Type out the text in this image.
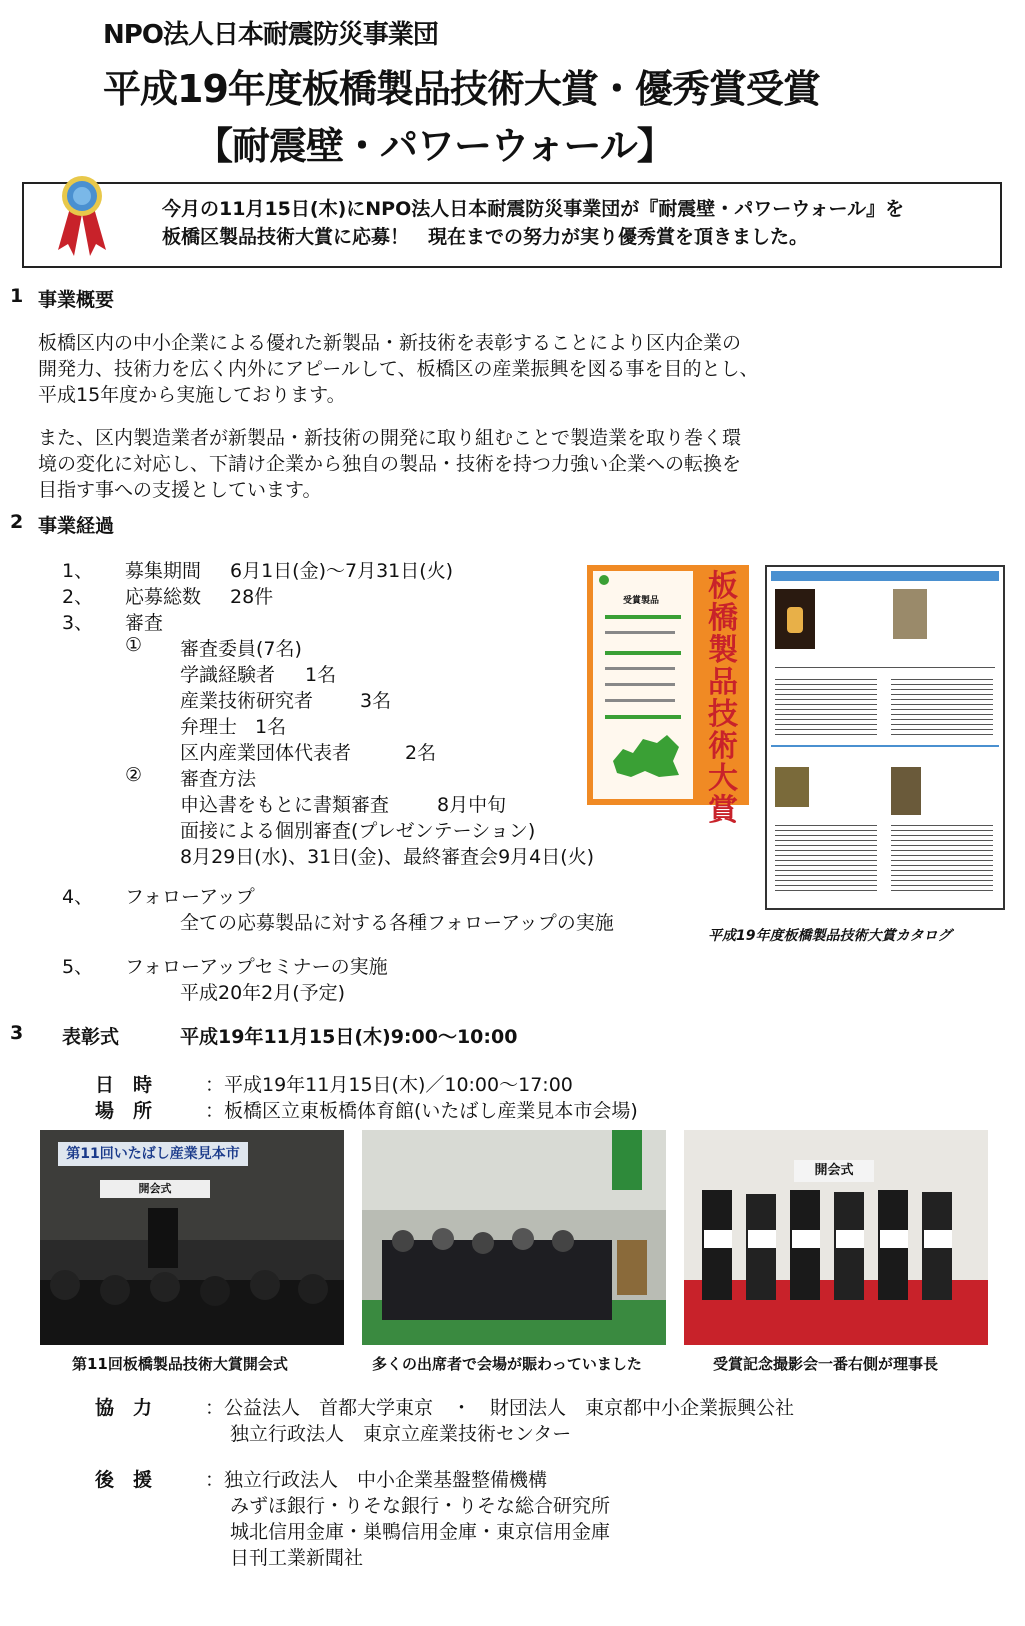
NPO法人日本耐震防災事業団
平成19年度板橋製品技術大賞・優秀賞受賞
【耐震壁・パワーウォール】
今月の11月15日(木)にNPO法人日本耐震防災事業団が『耐震壁・パワーウォール』を
板橋区製品技術大賞に応募！　現在までの努力が実り優秀賞を頂きました。
1 事業概要
板橋区内の中小企業による優れた新製品・新技術を表彰することにより区内企業の
開発力、技術力を広く内外にアピールして、板橋区の産業振興を図る事を目的とし、
平成15年度から実施しております。
また、区内製造業者が新製品・新技術の開発に取り組むことで製造業を取り巻く環
境の変化に対応し、下請け企業から独自の製品・技術を持つ力強い企業への転換を
目指す事への支援としています。
2 事業経過
1、 募集期間 6月1日(金)～7月31日(火)
2、 応募総数 28件
3、 審査
① 審査委員(7名)
学識経験者 1名
産業技術研究者 3名
弁理士 1名
区内産業団体代表者	2名
② 審査方法
申込書をもとに書類審査	8月中旬
面接による個別審査(プレゼンテーション)
8月29日(水)、31日(金)、最終審査会9月4日(火)
4、 フォローアップ
全ての応募製品に対する各種フォローアップの実施
5、 フォローアップセミナーの実施
平成20年2月(予定)
受賞製品 板橋製品技術大賞
平成19年度板橋製品技術大賞カタログ
3 表彰式	平成19年11月15日(木)9:00～10:00
日　時	：平成19年11月15日(木)／10:00～17:00
場　所	：板橋区立東板橋体育館(いたばし産業見本市会場)
第11回いたばし産業見本市
開会式
開会式
第11回板橋製品技術大賞開会式	多くの出席者で会場が賑わっていました	受賞記念撮影会一番右側が理事長
協　力	：公益法人　首都大学東京　・　財団法人　東京都中小企業振興公社
独立行政法人　東京立産業技術センター
後　援	：独立行政法人　中小企業基盤整備機構
みずほ銀行・りそな銀行・りそな総合研究所
城北信用金庫・巣鴨信用金庫・東京信用金庫
日刊工業新聞社
